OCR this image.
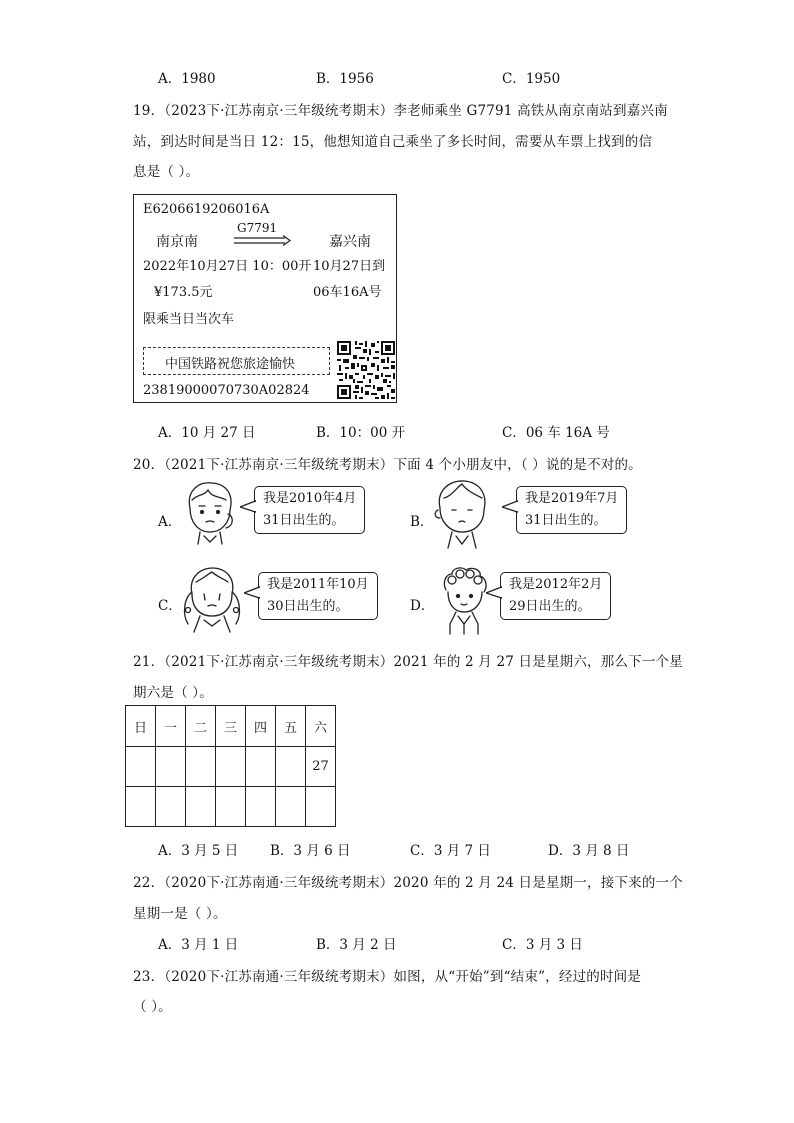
A．1980	B．1956	C．1950
19．（2023下·江苏南京·三年级统考期末）李老师乘坐 G7791 高铁从南京南站到嘉兴南
站，到达时间是当日 12：15，他想知道自己乘坐了多长时间，需要从车票上找到的信
息是（ ）。
E6206619206016A
南京南
G7791
嘉兴南
2022年10月27日 10：00开 10月27日到
¥173.5元	06车16A号
限乘当日当次车
中国铁路祝您旅途愉快
23819000070730A02824
A．10 月 27 日	B．10：00 开	C．06 车 16A 号
20．（2021下·江苏南京·三年级统考期末）下面 4 个小朋友中，（ ）说的是不对的。
A．
我是2010年4月
31日出生的。	B．
我是2019年7月
31日出生的。
C．
我是2011年10月
30日出生的。	D．
我是2012年2月
29日出生的。
21．（2021下·江苏南京·三年级统考期末）2021 年的 2 月 27 日是星期六，那么下一个星
期六是（ ）。
日	一	二	三	四	五	六
						27

A．3 月 5 日 B．3 月 6 日	C．3 月 7 日	D．3 月 8 日
22．（2020下·江苏南通·三年级统考期末）2020 年的 2 月 24 日是星期一，接下来的一个
星期一是（ ）。
A．3 月 1 日	B．3 月 2 日	C．3 月 3 日
23．（2020下·江苏南通·三年级统考期末）如图，从“开始”到“结束”，经过的时间是
（ ）。
